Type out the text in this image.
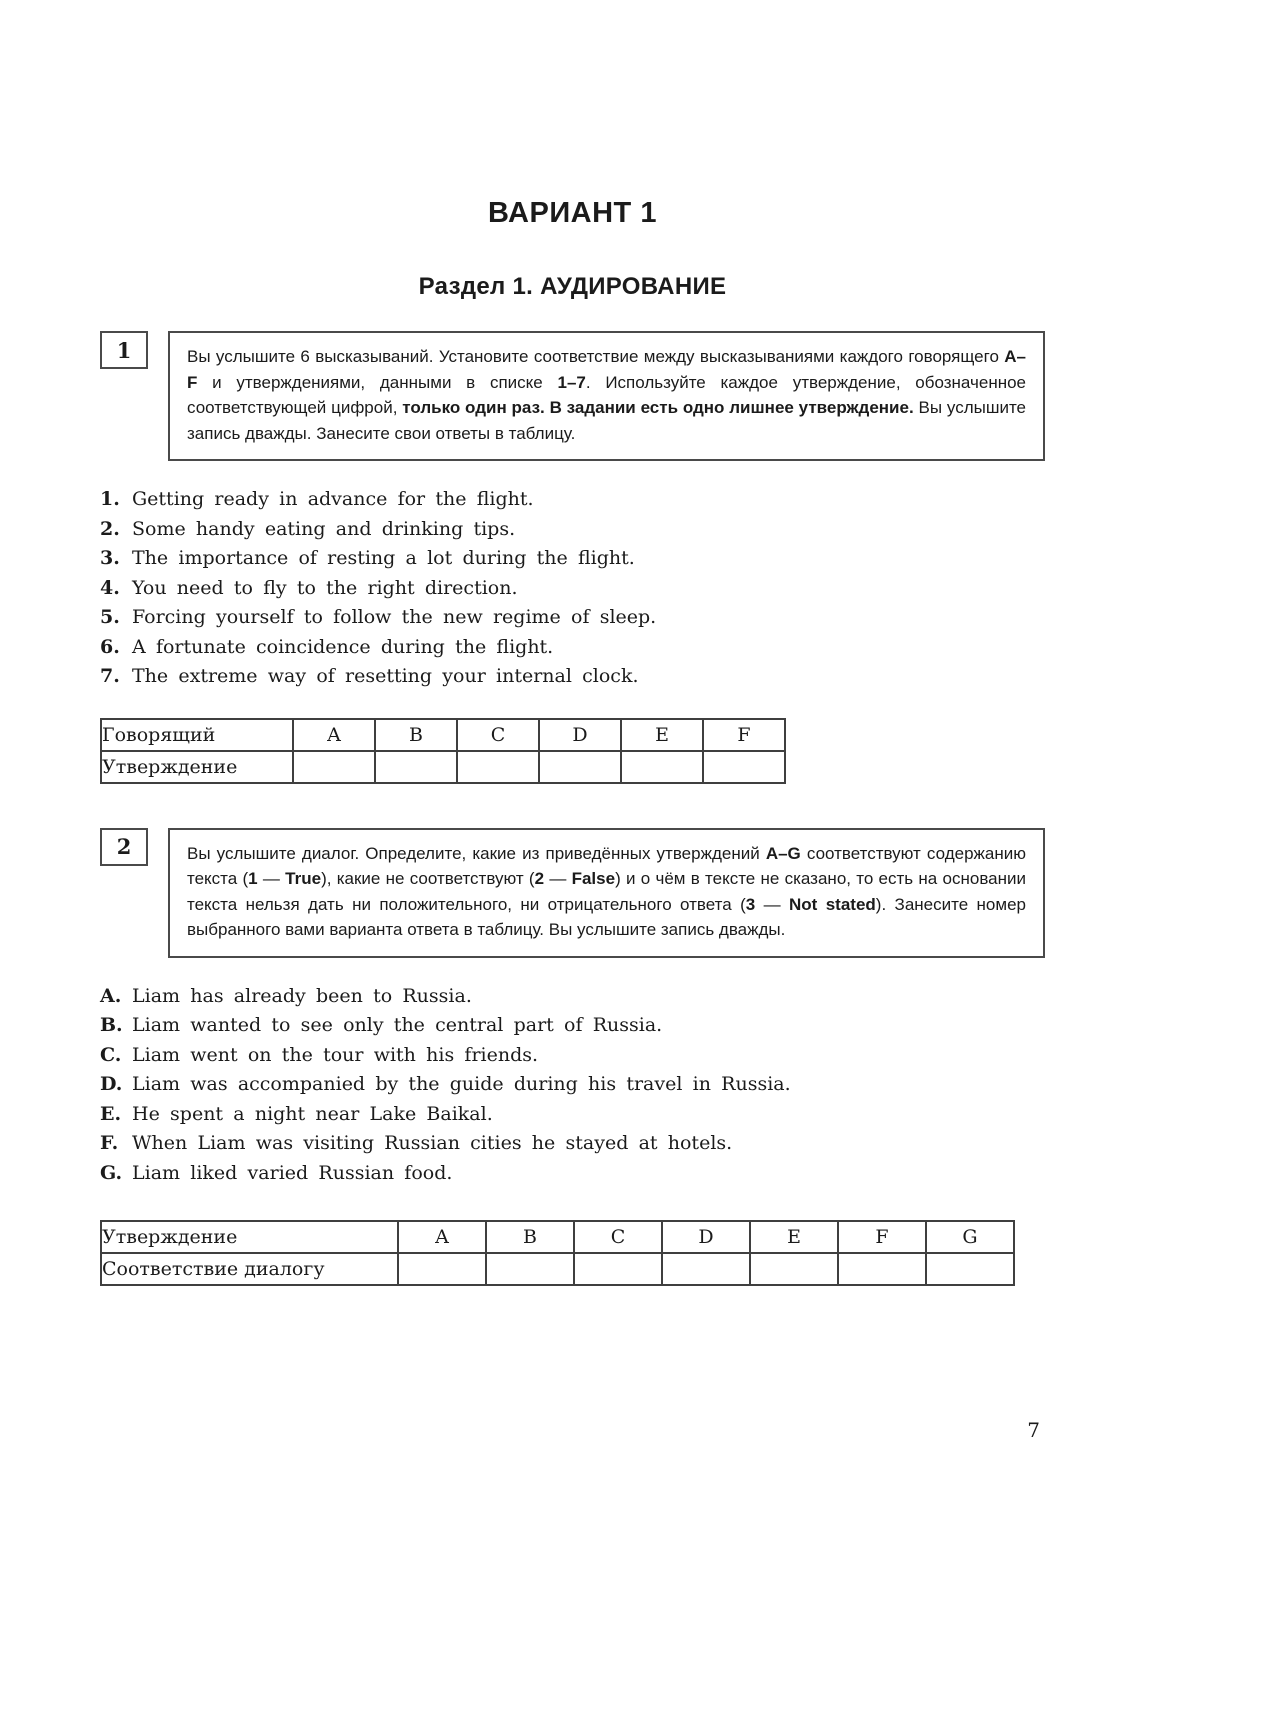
ВАРИАНТ 1
Раздел 1. АУДИРОВАНИЕ
1	Вы услышите 6 высказываний. Установите соответствие между высказываниями каждого говорящего A–F и утверждениями, данными в списке 1–7. Используйте каждое утверждение, обозначенное соответствующей цифрой, только один раз. В задании есть одно лишнее утверждение. Вы услышите запись дважды. Занесите свои ответы в таблицу.

1. Getting ready in advance for the flight.
2. Some handy eating and drinking tips.
3. The importance of resting a lot during the flight.
4. You need to fly to the right direction.
5. Forcing yourself to follow the new regime of sleep.
6. A fortunate coincidence during the flight.
7. The extreme way of resetting your internal clock.
Говорящий	A	B	C	D	E	F
Утверждение						
2	Вы услышите диалог. Определите, какие из приведённых утверждений A–G соответствуют содержанию текста (1 — True), какие не соответствуют (2 — False) и о чём в тексте не сказано, то есть на основании текста нельзя дать ни положительного, ни отрицательного ответа (3 — Not stated). Занесите номер выбранного вами варианта ответа в таблицу. Вы услышите запись дважды.

A. Liam has already been to Russia.
B. Liam wanted to see only the central part of Russia.
C. Liam went on the tour with his friends.
D. Liam was accompanied by the guide during his travel in Russia.
E. He spent a night near Lake Baikal.
F. When Liam was visiting Russian cities he stayed at hotels.
G. Liam liked varied Russian food.
Утверждение	A	B	C	D	E	F	G
Соответствие диалогу							
7
